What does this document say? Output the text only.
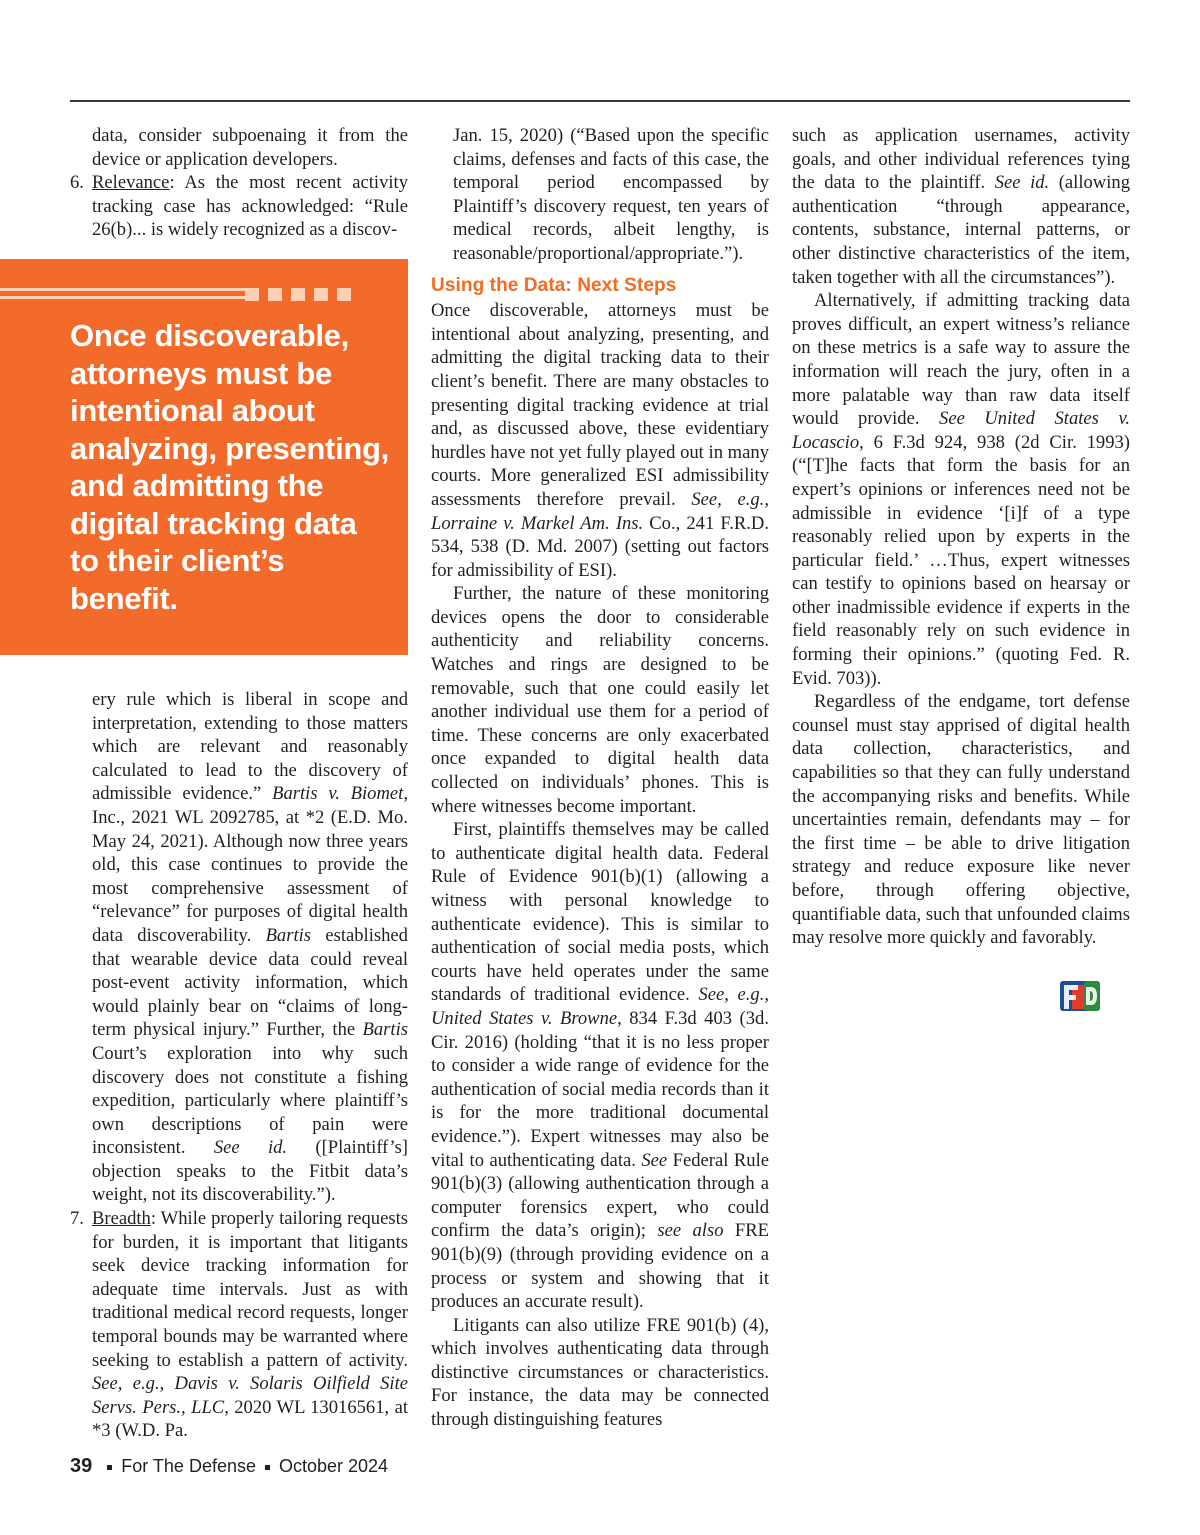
data, consider subpoenaing it from the device or application developers.

6. Relevance: As the most recent activity tracking case has acknowledged: “Rule 26(b)... is widely recognized as a discov-

Once discoverable, attorneys must be intentional about analyzing, presenting, and admitting the digital tracking data to their client’s benefit.

ery rule which is liberal in scope and interpretation, extending to those matters which are relevant and reasonably calculated to lead to the discovery of admissible evidence.” Bartis v. Biomet, Inc., 2021 WL 2092785, at *2 (E.D. Mo. May 24, 2021). Although now three years old, this case continues to provide the most comprehensive assessment of “relevance” for purposes of digital health data discoverability. Bartis established that wearable device data could reveal post-event activity information, which would plainly bear on “claims of long-term physical injury.” Further, the Bartis Court’s exploration into why such discovery does not constitute a fishing expedition, particularly where plaintiff’s own descriptions of pain were inconsistent. See id. ([Plaintiff’s] objection speaks to the Fitbit data’s weight, not its discoverability.”).

7. Breadth: While properly tailoring requests for burden, it is important that litigants seek device tracking information for adequate time intervals. Just as with traditional medical record requests, longer temporal bounds may be warranted where seeking to establish a pattern of activity. See, e.g., Davis v. Solaris Oilfield Site Servs. Pers., LLC, 2020 WL 13016561, at *3 (W.D. Pa.

Jan. 15, 2020) (“Based upon the specific claims, defenses and facts of this case, the temporal period encompassed by Plaintiff’s discovery request, ten years of medical records, albeit lengthy, is reasonable/proportional/appropriate.”).

Using the Data: Next Steps

Once discoverable, attorneys must be intentional about analyzing, presenting, and admitting the digital tracking data to their client’s benefit. There are many obstacles to presenting digital tracking evidence at trial and, as discussed above, these evidentiary hurdles have not yet fully played out in many courts. More generalized ESI admissibility assessments therefore prevail. See, e.g., Lorraine v. Markel Am. Ins. Co., 241 F.R.D. 534, 538 (D. Md. 2007) (setting out factors for admissibility of ESI).

Further, the nature of these monitoring devices opens the door to considerable authenticity and reliability concerns. Watches and rings are designed to be removable, such that one could easily let another individual use them for a period of time. These concerns are only exacerbated once expanded to digital health data collected on individuals’ phones. This is where witnesses become important.

First, plaintiffs themselves may be called to authenticate digital health data. Federal Rule of Evidence 901(b)(1) (allowing a witness with personal knowledge to authenticate evidence). This is similar to authentication of social media posts, which courts have held operates under the same standards of traditional evidence. See, e.g., United States v. Browne, 834 F.3d 403 (3d. Cir. 2016) (holding “that it is no less proper to consider a wide range of evidence for the authentication of social media records than it is for the more traditional documental evidence.”). Expert witnesses may also be vital to authenticating data. See Federal Rule 901(b)(3) (allowing authentication through a computer forensics expert, who could confirm the data’s origin); see also FRE 901(b)(9) (through providing evidence on a process or system and showing that it produces an accurate result).

Litigants can also utilize FRE 901(b) (4), which involves authenticating data through distinctive circumstances or characteristics. For instance, the data may be connected through distinguishing features

such as application usernames, activity goals, and other individual references tying the data to the plaintiff. See id. (allowing authentication “through appearance, contents, substance, internal patterns, or other distinctive characteristics of the item, taken together with all the circumstances”).

Alternatively, if admitting tracking data proves difficult, an expert witness’s reliance on these metrics is a safe way to assure the information will reach the jury, often in a more palatable way than raw data itself would provide. See United States v. Locascio, 6 F.3d 924, 938 (2d Cir. 1993) (“[T]he facts that form the basis for an expert’s opinions or inferences need not be admissible in evidence ‘[i]f of a type reasonably relied upon by experts in the particular field.’ …Thus, expert witnesses can testify to opinions based on hearsay or other inadmissible evidence if experts in the field reasonably rely on such evidence in forming their opinions.” (quoting Fed. R. Evid. 703)).

Regardless of the endgame, tort defense counsel must stay apprised of digital health data collection, characteristics, and capabilities so that they can fully understand the accompanying risks and benefits. While uncertainties remain, defendants may – for the first time – be able to drive litigation strategy and reduce exposure like never before, through offering objective, quantifiable data, such that unfounded claims may resolve more quickly and favorably.

39 For The Defense October 2024
